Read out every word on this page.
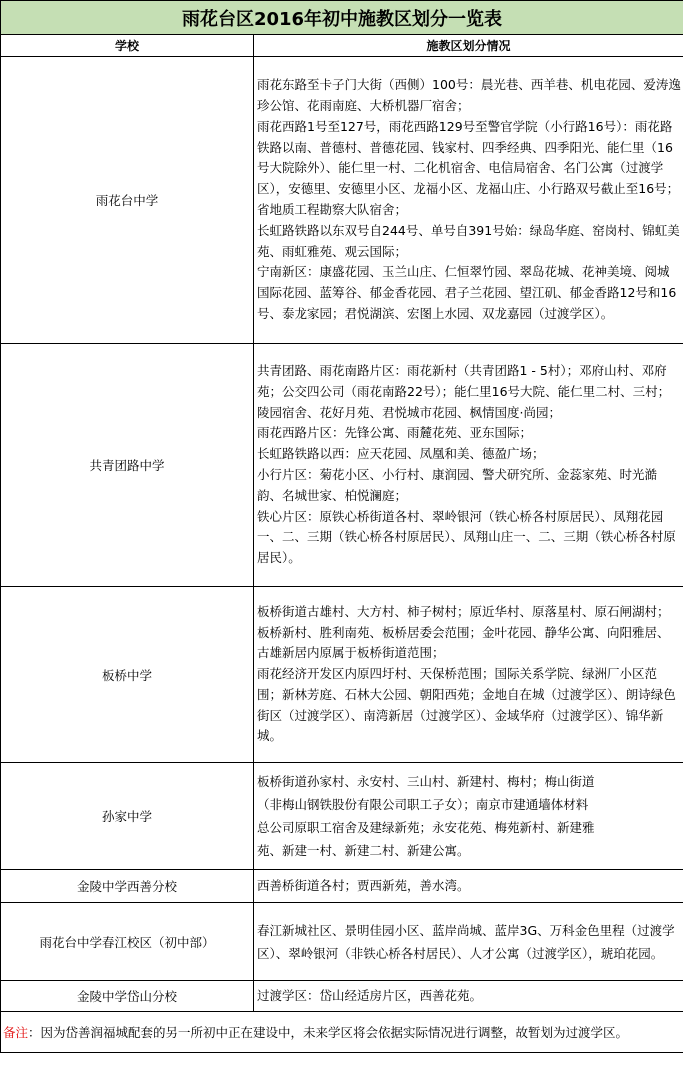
雨花台区2016年初中施教区划分一览表	
学校	施教区划分情况
雨花台中学	雨花东路至卡子门大街（西侧）100号：晨光巷、西羊巷、机电花园、爱涛逸珍公馆、花雨南庭、大桥机器厂宿舍；
雨花西路1号至127号，雨花西路129号至警官学院（小行路16号）：雨花路铁路以南、普德村、普德花园、钱家村、四季经典、四季阳光、能仁里（16号大院除外）、能仁里一村、二化机宿舍、电信局宿舍、名门公寓（过渡学区），安德里、安德里小区、龙福小区、龙福山庄、小行路双号截止至16号；省地质工程勘察大队宿舍；
长虹路铁路以东双号自244号、单号自391号始：绿岛华庭、窑岗村、锦虹美苑、雨虹雅苑、观云国际；
宁南新区：康盛花园、玉兰山庄、仁恒翠竹园、翠岛花城、花神美境、阅城国际花园、蓝筹谷、郁金香花园、君子兰花园、望江矶、郁金香路12号和16号、泰龙家园；君悦湖滨、宏图上水园、双龙嘉园（过渡学区）。

共青团路中学	共青团路、雨花南路片区：雨花新村（共青团路1 - 5村）；邓府山村、邓府苑；公交四公司（雨花南路22号）；能仁里16号大院、能仁里二村、三村；陵园宿舍、花好月苑、君悦城市花园、枫情国度·尚园；
雨花西路片区：先锋公寓、雨麓花苑、亚东国际；
长虹路铁路以西：应天花园、凤凰和美、德盈广场；
小行片区：菊花小区、小行村、康润园、警犬研究所、金蕊家苑、时光澔韵、名城世家、柏悦澜庭；
铁心片区：原铁心桥街道各村、翠岭银河（铁心桥各村原居民）、凤翔花园一、二、三期（铁心桥各村原居民）、凤翔山庄一、二、三期（铁心桥各村原居民）。

板桥中学	板桥街道古雄村、大方村、柿子树村；原近华村、原落星村、原石闸湖村；板桥新村、胜利南苑、板桥居委会范围；金叶花园、静华公寓、向阳雅居、古雄新居内原属于板桥街道范围；
雨花经济开发区内原四圩村、天保桥范围；国际关系学院、绿洲厂小区范围；新林芳庭、石林大公园、朝阳西苑；金地自在城（过渡学区）、朗诗绿色街区（过渡学区）、南湾新居（过渡学区）、金域华府（过渡学区）、锦华新城。

孙家中学	板桥街道孙家村、永安村、三山村、新建村、梅村；梅山街道
（非梅山钢铁股份有限公司职工子女）；南京市建通墙体材料
总公司原职工宿舍及建绿新苑；永安花苑、梅苑新村、新建雅
苑、新建一村、新建二村、新建公寓。

金陵中学西善分校	西善桥街道各村；贾西新苑，善水湾。

雨花台中学春江校区（初中部）	春江新城社区、景明佳园小区、蓝岸尚城、蓝岸3G、万科金色里程（过渡学区）、翠岭银河（非铁心桥各村居民）、人才公寓（过渡学区），琥珀花园。

金陵中学岱山分校	过渡学区：岱山经适房片区，西善花苑。

备注：因为岱善润福城配套的另一所初中正在建设中，未来学区将会依据实际情况进行调整，故暂划为过渡学区。	
